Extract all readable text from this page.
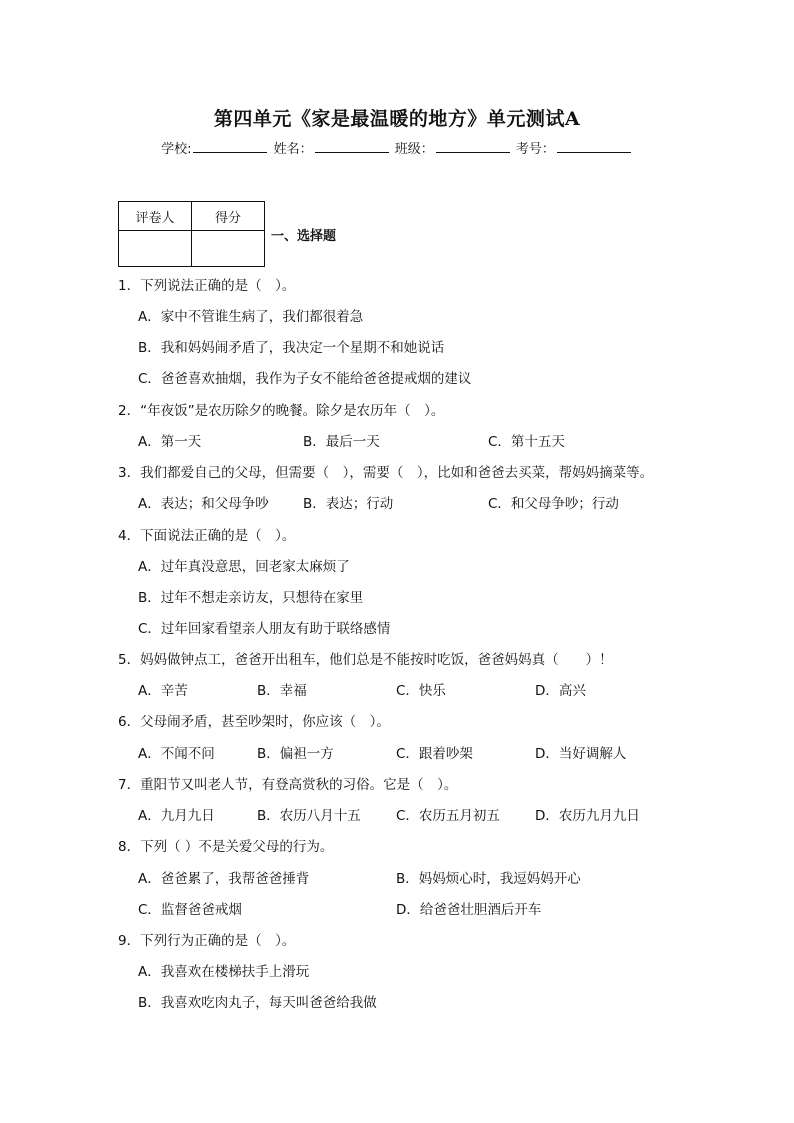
第四单元《家是最温暖的地方》单元测试A
学校:	姓名：	班级：	考号：
评卷人	得分

一、选择题
1．下列说法正确的是（　）。
A．家中不管谁生病了，我们都很着急
B．我和妈妈闹矛盾了，我决定一个星期不和她说话
C．爸爸喜欢抽烟，我作为子女不能给爸爸提戒烟的建议
2．“年夜饭”是农历除夕的晚餐。除夕是农历年（　）。
A．第一天	B．最后一天	C．第十五天
3．我们都爱自己的父母，但需要（　），需要（　），比如和爸爸去买菜，帮妈妈摘菜等。
A．表达；和父母争吵	B．表达；行动	C．和父母争吵；行动
4．下面说法正确的是（　）。
A．过年真没意思，回老家太麻烦了
B．过年不想走亲访友，只想待在家里
C．过年回家看望亲人朋友有助于联络感情
5．妈妈做钟点工，爸爸开出租车，他们总是不能按时吃饭，爸爸妈妈真（　　）！
A．辛苦	B．幸福	C．快乐	D．高兴
6．父母闹矛盾，甚至吵架时，你应该（　）。
A．不闻不问	B．偏袒一方	C．跟着吵架	D．当好调解人
7．重阳节又叫老人节，有登高赏秋的习俗。它是（　）。
A．九月九日	B．农历八月十五	C．农历五月初五	D．农历九月九日
8．下列（ ）不是关爱父母的行为。
A．爸爸累了，我帮爸爸捶背	B．妈妈烦心时，我逗妈妈开心
C．监督爸爸戒烟	D．给爸爸壮胆酒后开车
9．下列行为正确的是（　）。
A．我喜欢在楼梯扶手上滑玩
B．我喜欢吃肉丸子，每天叫爸爸给我做
